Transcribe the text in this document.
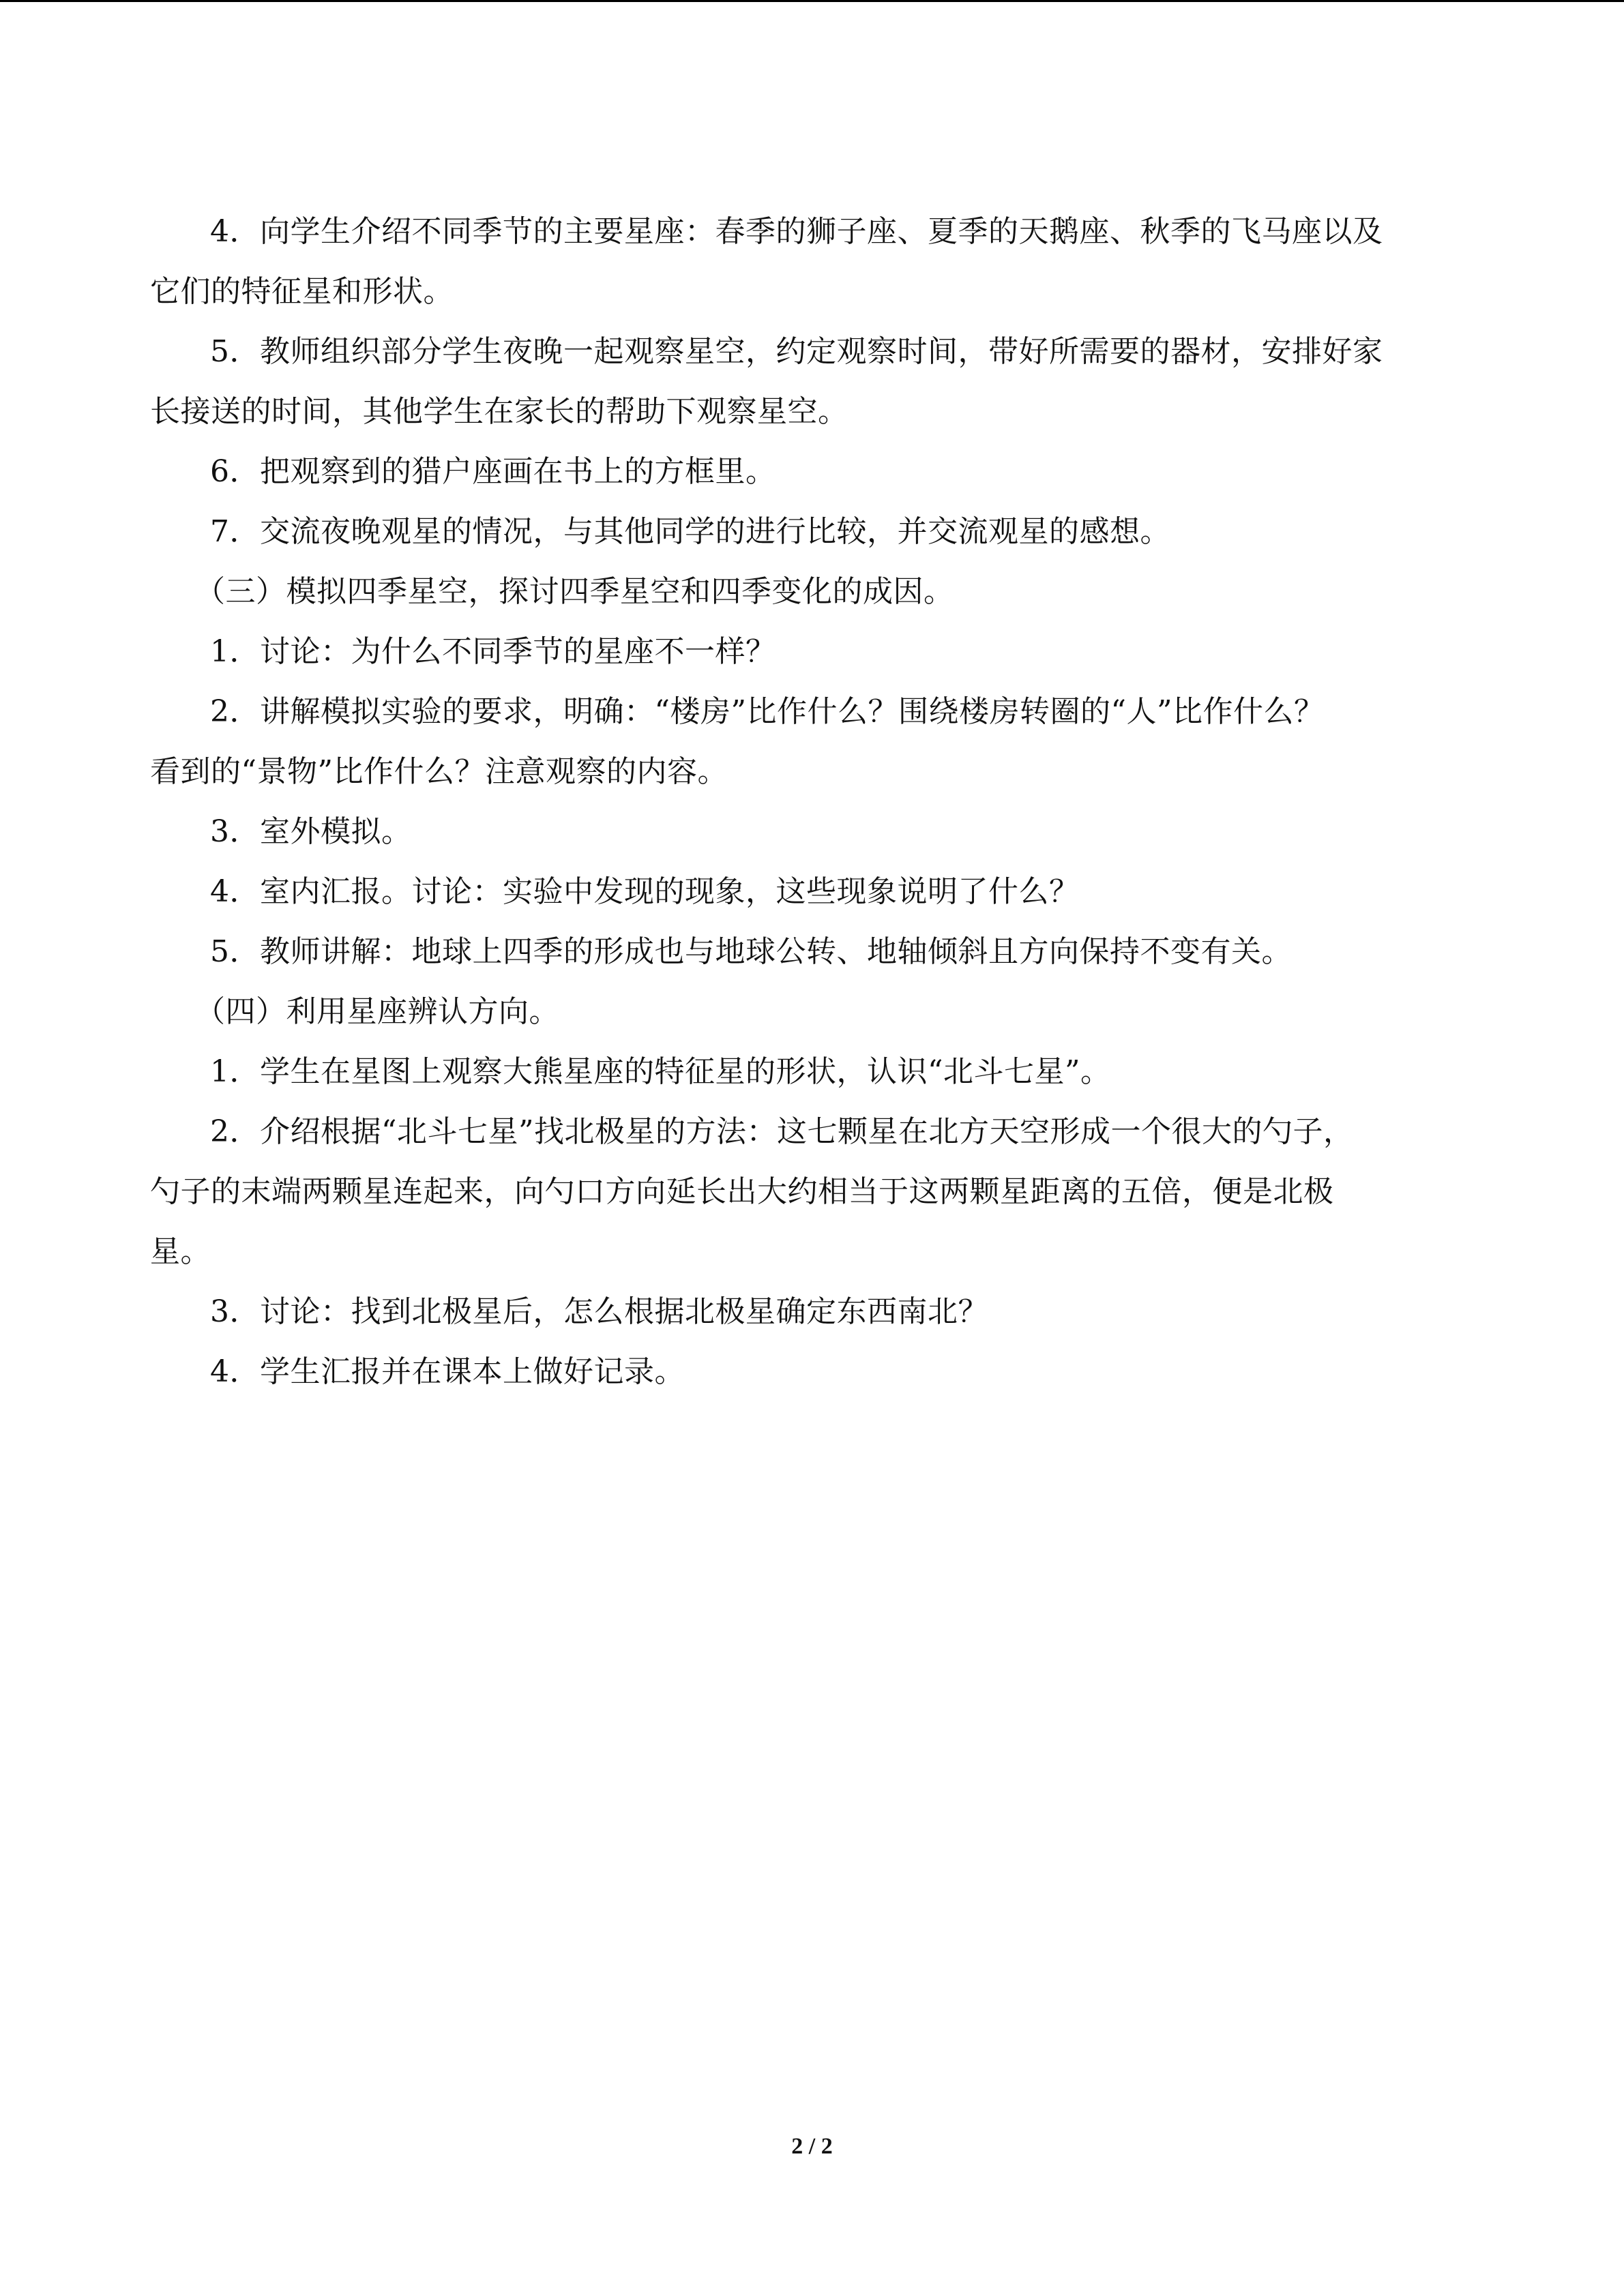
4．向学生介绍不同季节的主要星座：春季的狮子座、夏季的天鹅座、秋季的飞马座以及

它们的特征星和形状。

5．教师组织部分学生夜晚一起观察星空，约定观察时间，带好所需要的器材，安排好家

长接送的时间，其他学生在家长的帮助下观察星空。

6．把观察到的猎户座画在书上的方框里。

7．交流夜晚观星的情况，与其他同学的进行比较，并交流观星的感想。

（三）模拟四季星空，探讨四季星空和四季变化的成因。

1．讨论：为什么不同季节的星座不一样？

2．讲解模拟实验的要求，明确：“楼房”比作什么？围绕楼房转圈的“人”比作什么？

看到的“景物”比作什么？注意观察的内容。

3．室外模拟。

4．室内汇报。讨论：实验中发现的现象，这些现象说明了什么？

5．教师讲解：地球上四季的形成也与地球公转、地轴倾斜且方向保持不变有关。

（四）利用星座辨认方向。

1．学生在星图上观察大熊星座的特征星的形状，认识“北斗七星”。

2．介绍根据“北斗七星”找北极星的方法：这七颗星在北方天空形成一个很大的勺子，

勺子的末端两颗星连起来，向勺口方向延长出大约相当于这两颗星距离的五倍，便是北极

星。

3．讨论：找到北极星后，怎么根据北极星确定东西南北？

4．学生汇报并在课本上做好记录。

2 / 2
